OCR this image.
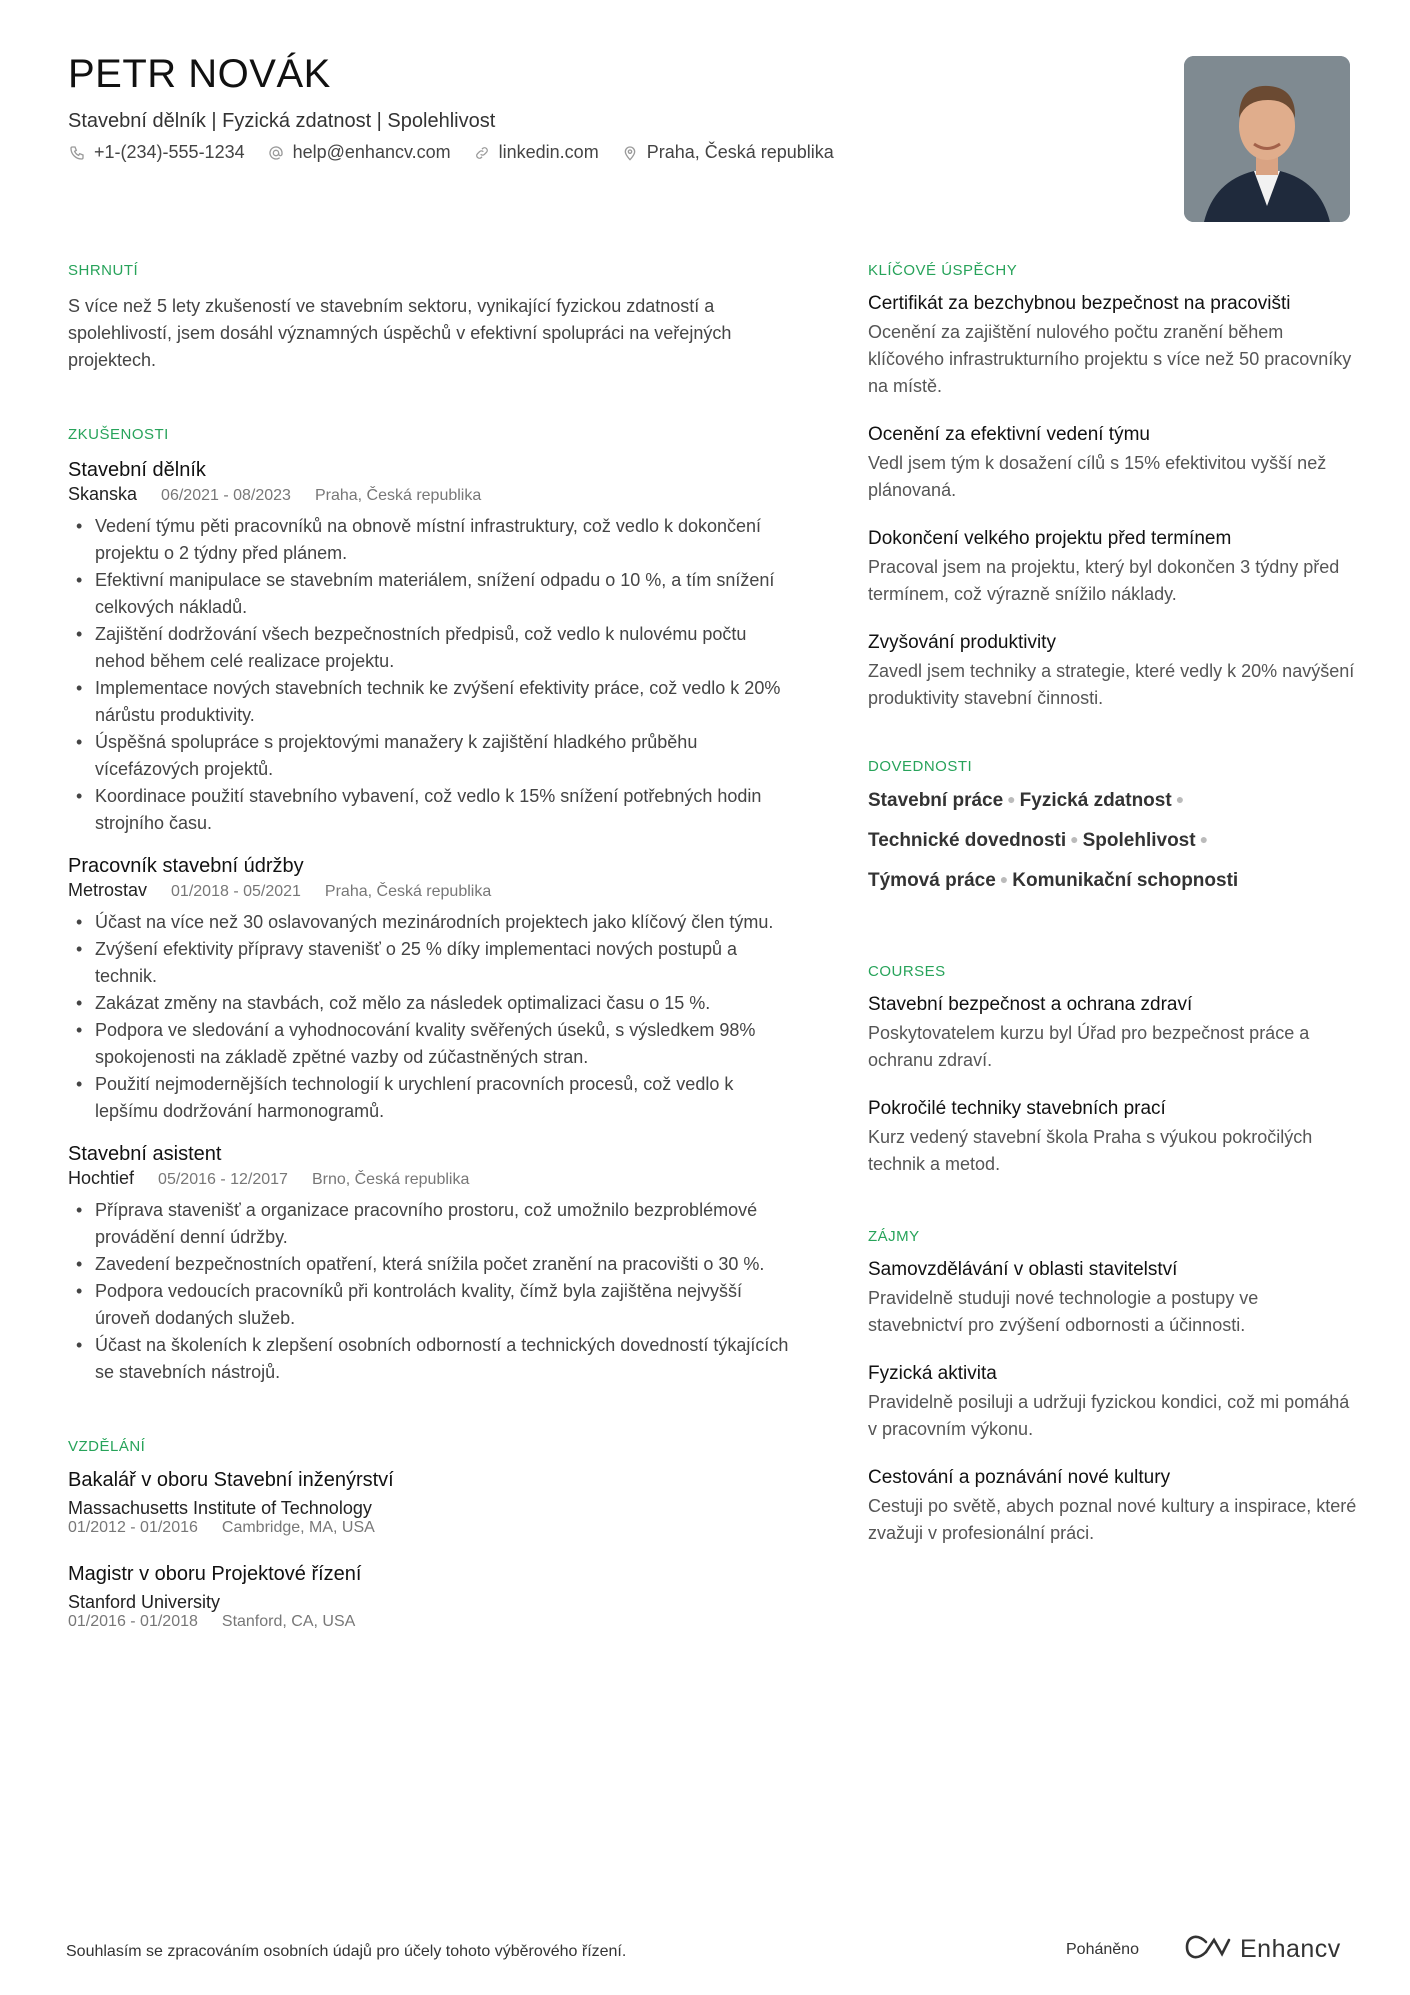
PETR NOVÁK
Stavební dělník | Fyzická zdatnost | Spolehlivost
+1-(234)-555-1234	help@enhancv.com	linkedin.com	Praha, Česká republika
SHRNUTÍ
S více než 5 lety zkušeností ve stavebním sektoru, vynikající fyzickou zdatností a spolehlivostí, jsem dosáhl významných úspěchů v efektivní spolupráci na veřejných projektech.
ZKUŠENOSTI
Stavební dělník
Skanska 06/2021 - 08/2023 Praha, Česká republika
• Vedení týmu pěti pracovníků na obnově místní infrastruktury, což vedlo k dokončení projektu o 2 týdny před plánem.
• Efektivní manipulace se stavebním materiálem, snížení odpadu o 10 %, a tím snížení celkových nákladů.
• Zajištění dodržování všech bezpečnostních předpisů, což vedlo k nulovému počtu nehod během celé realizace projektu.
• Implementace nových stavebních technik ke zvýšení efektivity práce, což vedlo k 20% nárůstu produktivity.
• Úspěšná spolupráce s projektovými manažery k zajištění hladkého průběhu vícefázových projektů.
• Koordinace použití stavebního vybavení, což vedlo k 15% snížení potřebných hodin strojního času.
Pracovník stavební údržby
Metrostav 01/2018 - 05/2021 Praha, Česká republika
• Účast na více než 30 oslavovaných mezinárodních projektech jako klíčový člen týmu.
• Zvýšení efektivity přípravy stavenišť o 25 % díky implementaci nových postupů a technik.
• Zakázat změny na stavbách, což mělo za následek optimalizaci času o 15 %.
• Podpora ve sledování a vyhodnocování kvality svěřených úseků, s výsledkem 98% spokojenosti na základě zpětné vazby od zúčastněných stran.
• Použití nejmodernějších technologií k urychlení pracovních procesů, což vedlo k lepšímu dodržování harmonogramů.
Stavební asistent
Hochtief 05/2016 - 12/2017 Brno, Česká republika
• Příprava stavenišť a organizace pracovního prostoru, což umožnilo bezproblémové provádění denní údržby.
• Zavedení bezpečnostních opatření, která snížila počet zranění na pracovišti o 30 %.
• Podpora vedoucích pracovníků při kontrolách kvality, čímž byla zajištěna nejvyšší úroveň dodaných služeb.
• Účast na školeních k zlepšení osobních odborností a technických dovedností týkajících se stavebních nástrojů.
VZDĚLÁNÍ
Bakalář v oboru Stavební inženýrství
Massachusetts Institute of Technology
01/2012 - 01/2016 Cambridge, MA, USA
Magistr v oboru Projektové řízení
Stanford University
01/2016 - 01/2018 Stanford, CA, USA
KLÍČOVÉ ÚSPĚCHY
Certifikát za bezchybnou bezpečnost na pracovišti
Ocenění za zajištění nulového počtu zranění během klíčového infrastrukturního projektu s více než 50 pracovníky na místě.
Ocenění za efektivní vedení týmu
Vedl jsem tým k dosažení cílů s 15% efektivitou vyšší než plánovaná.
Dokončení velkého projektu před termínem
Pracoval jsem na projektu, který byl dokončen 3 týdny před termínem, což výrazně snížilo náklady.
Zvyšování produktivity
Zavedl jsem techniky a strategie, které vedly k 20% navýšení produktivity stavební činnosti.
DOVEDNOSTI
Stavební práce ● Fyzická zdatnost ●
Technické dovednosti ● Spolehlivost ●
Týmová práce ● Komunikační schopnosti
COURSES
Stavební bezpečnost a ochrana zdraví
Poskytovatelem kurzu byl Úřad pro bezpečnost práce a ochranu zdraví.
Pokročilé techniky stavebních prací
Kurz vedený stavební škola Praha s výukou pokročilých technik a metod.
ZÁJMY
Samovzdělávání v oblasti stavitelství
Pravidelně studuji nové technologie a postupy ve stavebnictví pro zvýšení odbornosti a účinnosti.
Fyzická aktivita
Pravidelně posiluji a udržuji fyzickou kondici, což mi pomáhá v pracovním výkonu.
Cestování a poznávání nové kultury
Cestuji po světě, abych poznal nové kultury a inspirace, které zvažuji v profesionální práci.
Souhlasím se zpracováním osobních údajů pro účely tohoto výběrového řízení.	Poháněno	Enhancv
